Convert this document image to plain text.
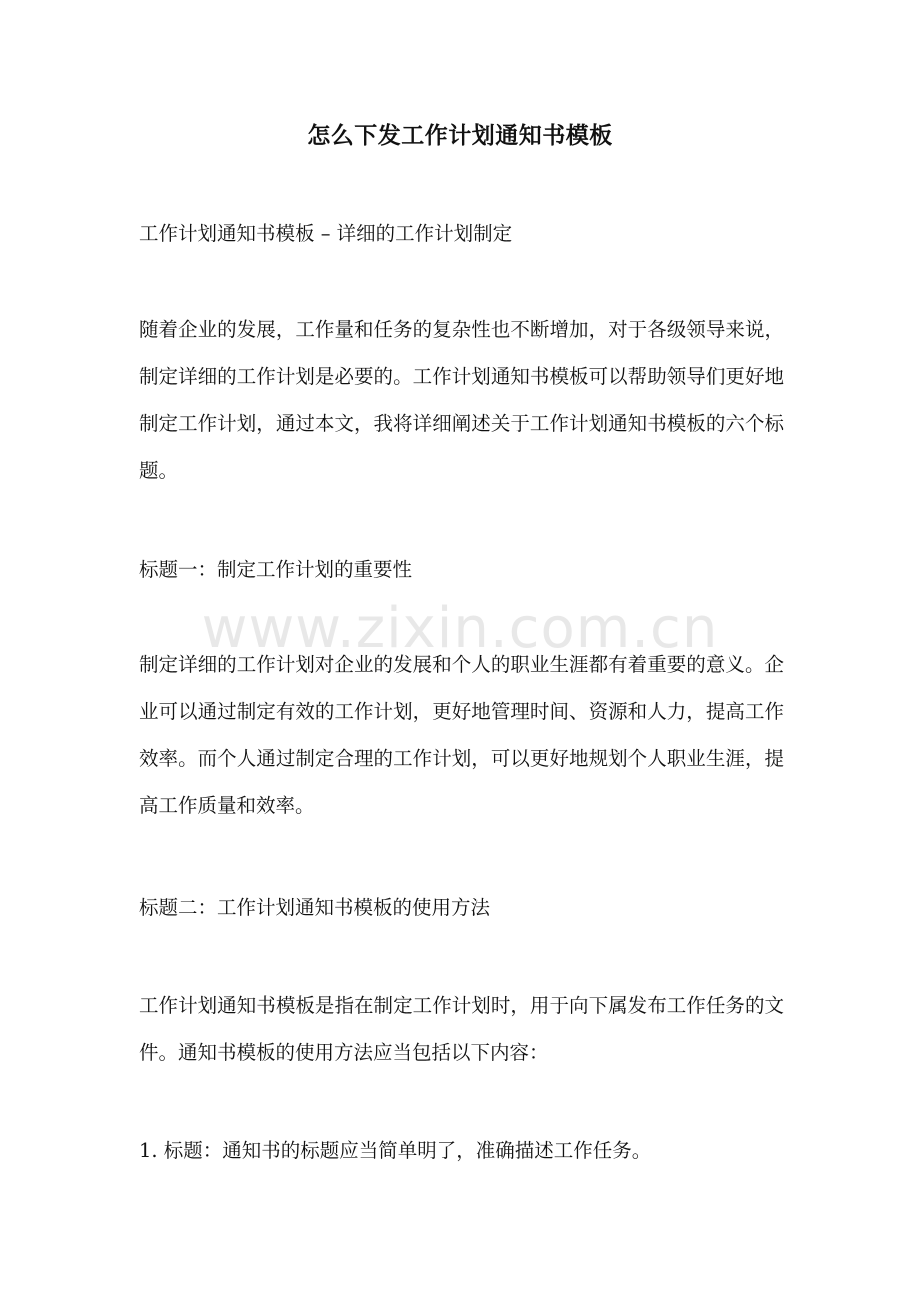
怎么下发工作计划通知书模板
工作计划通知书模板 – 详细的工作计划制定
随着企业的发展，工作量和任务的复杂性也不断增加，对于各级领导来说，制定详细的工作计划是必要的。工作计划通知书模板可以帮助领导们更好地制定工作计划，通过本文，我将详细阐述关于工作计划通知书模板的六个标题。
标题一：制定工作计划的重要性
制定详细的工作计划对企业的发展和个人的职业生涯都有着重要的意义。企业可以通过制定有效的工作计划，更好地管理时间、资源和人力，提高工作效率。而个人通过制定合理的工作计划，可以更好地规划个人职业生涯，提高工作质量和效率。
标题二：工作计划通知书模板的使用方法
工作计划通知书模板是指在制定工作计划时，用于向下属发布工作任务的文件。通知书模板的使用方法应当包括以下内容：
1. 标题：通知书的标题应当简单明了，准确描述工作任务。
www.zixin.com.cn
